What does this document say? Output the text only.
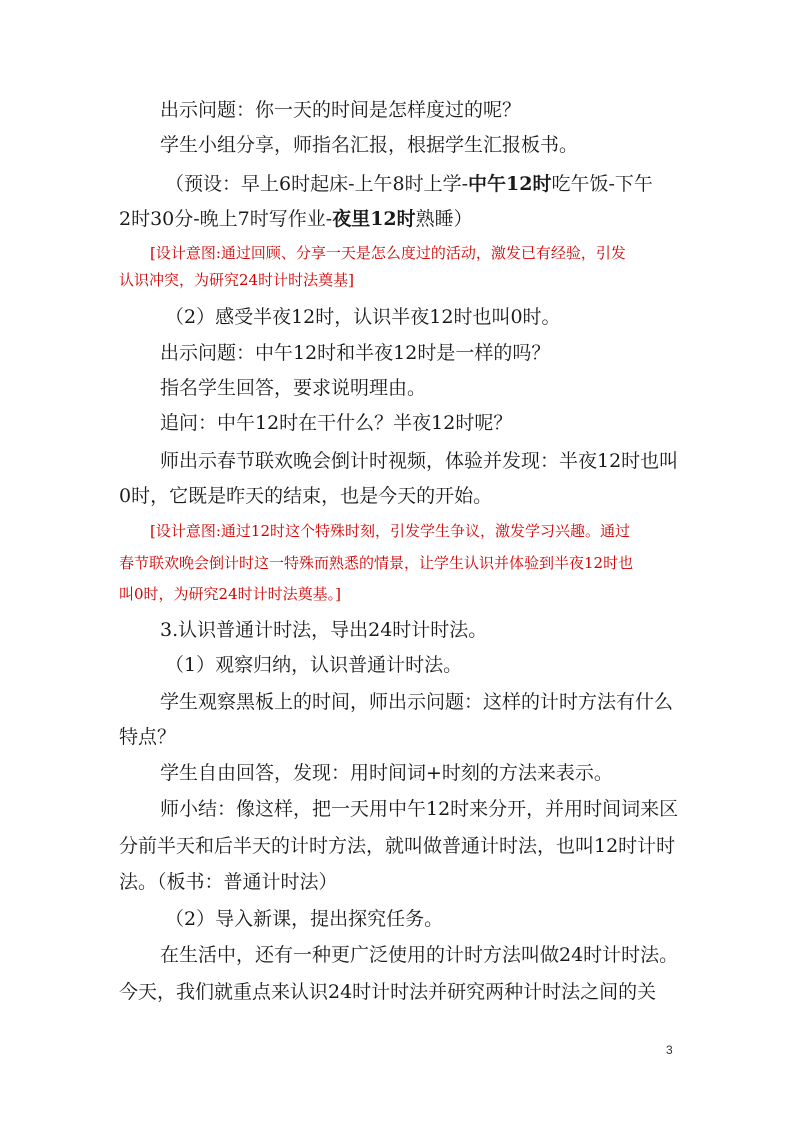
出示问题：你一天的时间是怎样度过的呢？
学生小组分享，师指名汇报，根据学生汇报板书。
（预设：早上6时起床-上午8时上学-中午12时吃午饭-下午
2时30分-晚上7时写作业-夜里12时熟睡）
[设计意图:通过回顾、分享一天是怎么度过的活动，激发已有经验，引发
认识冲突，为研究24时计时法奠基]
（2）感受半夜12时，认识半夜12时也叫0时。
出示问题：中午12时和半夜12时是一样的吗？
指名学生回答，要求说明理由。
追问：中午12时在干什么？半夜12时呢？
师出示春节联欢晚会倒计时视频，体验并发现：半夜12时也叫
0时，它既是昨天的结束，也是今天的开始。
[设计意图:通过12时这个特殊时刻，引发学生争议，激发学习兴趣。通过
春节联欢晚会倒计时这一特殊而熟悉的情景，让学生认识并体验到半夜12时也
叫0时，为研究24时计时法奠基。]
3.认识普通计时法，导出24时计时法。
（1）观察归纳，认识普通计时法。
学生观察黑板上的时间，师出示问题：这样的计时方法有什么
特点？
学生自由回答，发现：用时间词+时刻的方法来表示。
师小结：像这样，把一天用中午12时来分开，并用时间词来区
分前半天和后半天的计时方法，就叫做普通计时法，也叫12时计时
法。（板书：普通计时法）
（2）导入新课，提出探究任务。
在生活中，还有一种更广泛使用的计时方法叫做24时计时法。
今天，我们就重点来认识24时计时法并研究两种计时法之间的关
3
